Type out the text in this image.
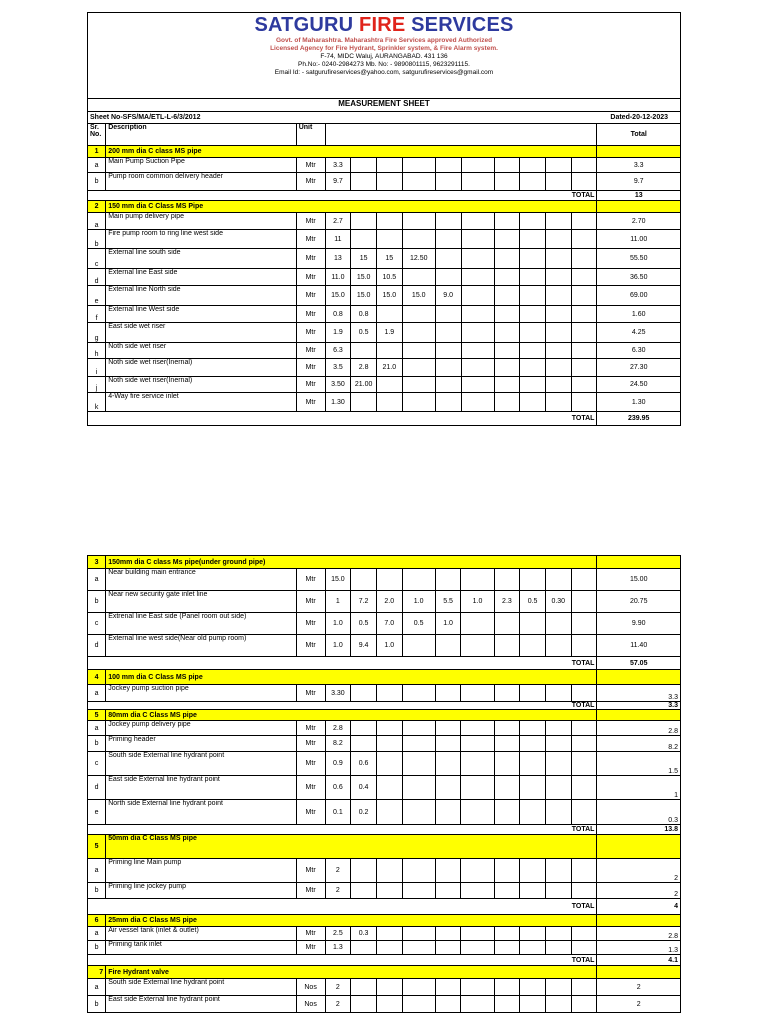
SATGURU FIRE SERVICES
Govt. of Maharashtra. Maharashtra Fire Services approved Authorized
Licensed Agency for Fire Hydrant, Sprinkler system, & Fire Alarm system.
F-74, MIDC Waluj, AURANGABAD. 431 136
Ph.No:- 0240-2984273 Mb. No: - 9890801115, 9623291115.
Email Id: - satgurufireservices@yahoo.com, satgurufireservices@gmail.com
MEASUREMENT SHEET
Sheet No-SFS/MA/ETL-L-6/3/2012	Dated-20-12-2023
Sr. No.	Description	Unit											Total
1	200 mm dia C class MS pipe												
a	Main Pump Suction Pipe	Mtr	3.3										3.3
b	Pump room common delivery header	Mtr	9.7										9.7
TOTAL													13
2	150 mm dia C Class MS Pipe												
a	Main pump delivery pipe	Mtr	2.7										2.70
b	Fire pump room to ring line west side	Mtr	11										11.00
c	External line south side	Mtr	13	15	15	12.50							55.50
d	External line East side	Mtr	11.0	15.0	10.5								36.50
e	External line North side	Mtr	15.0	15.0	15.0	15.0	9.0						69.00
f	External line West side	Mtr	0.8	0.8									1.60
g	East side wet riser	Mtr	1.9	0.5	1.9								4.25
h	Noth side wet riser	Mtr	6.3										6.30
i	Noth side wet riser(Inernal)	Mtr	3.5	2.8	21.0								27.30
j	Noth side wet riser(Inernal)	Mtr	3.50	21.00									24.50
k	4-Way fire service inlet	Mtr	1.30										1.30
TOTAL													239.95
3	150mm dia C class Ms pipe(under ground pipe)												
a	Near building main entrance	Mtr	15.0										15.00
b	Near new security gate inlet line	Mtr	1	7.2	2.0	1.0	5.5	1.0	2.3	0.5	0.30		20.75
c	Extrenal line East side (Panel room out side)	Mtr	1.0	0.5	7.0	0.5	1.0						9.90
d	External line west side(Near old pump room)	Mtr	1.0	9.4	1.0								11.40
TOTAL													57.05
4	100 mm dia C Class MS pipe												
a	Jockey pump suction pipe	Mtr	3.30										3.3
TOTAL													3.3
5	80mm dia C Class MS pipe												
a	Jockey pump delivery pipe	Mtr	2.8										2.8
b	Priming header	Mtr	8.2										8.2
c	South side External line hydrant point	Mtr	0.9	0.6									1.5
d	East side External line hydrant point	Mtr	0.6	0.4									1
e	North side External line hydrant point	Mtr	0.1	0.2									0.3
TOTAL													13.8
5	50mm dia C Class MS pipe												
a	Priming line Main pump	Mtr	2										2
b	Priming line jockey pump	Mtr	2										2
TOTAL													4
6	25mm dia C Class MS pipe												
a	Air vessel tank (inlet & outlet)	Mtr	2.5	0.3									2.8
b	Priming tank inlet	Mtr	1.3										1.3
TOTAL													4.1
7	Fire Hydrant valve												
a	South side External line hydrant point	Nos	2										2
b	East side External line hydrant point	Nos	2										2
